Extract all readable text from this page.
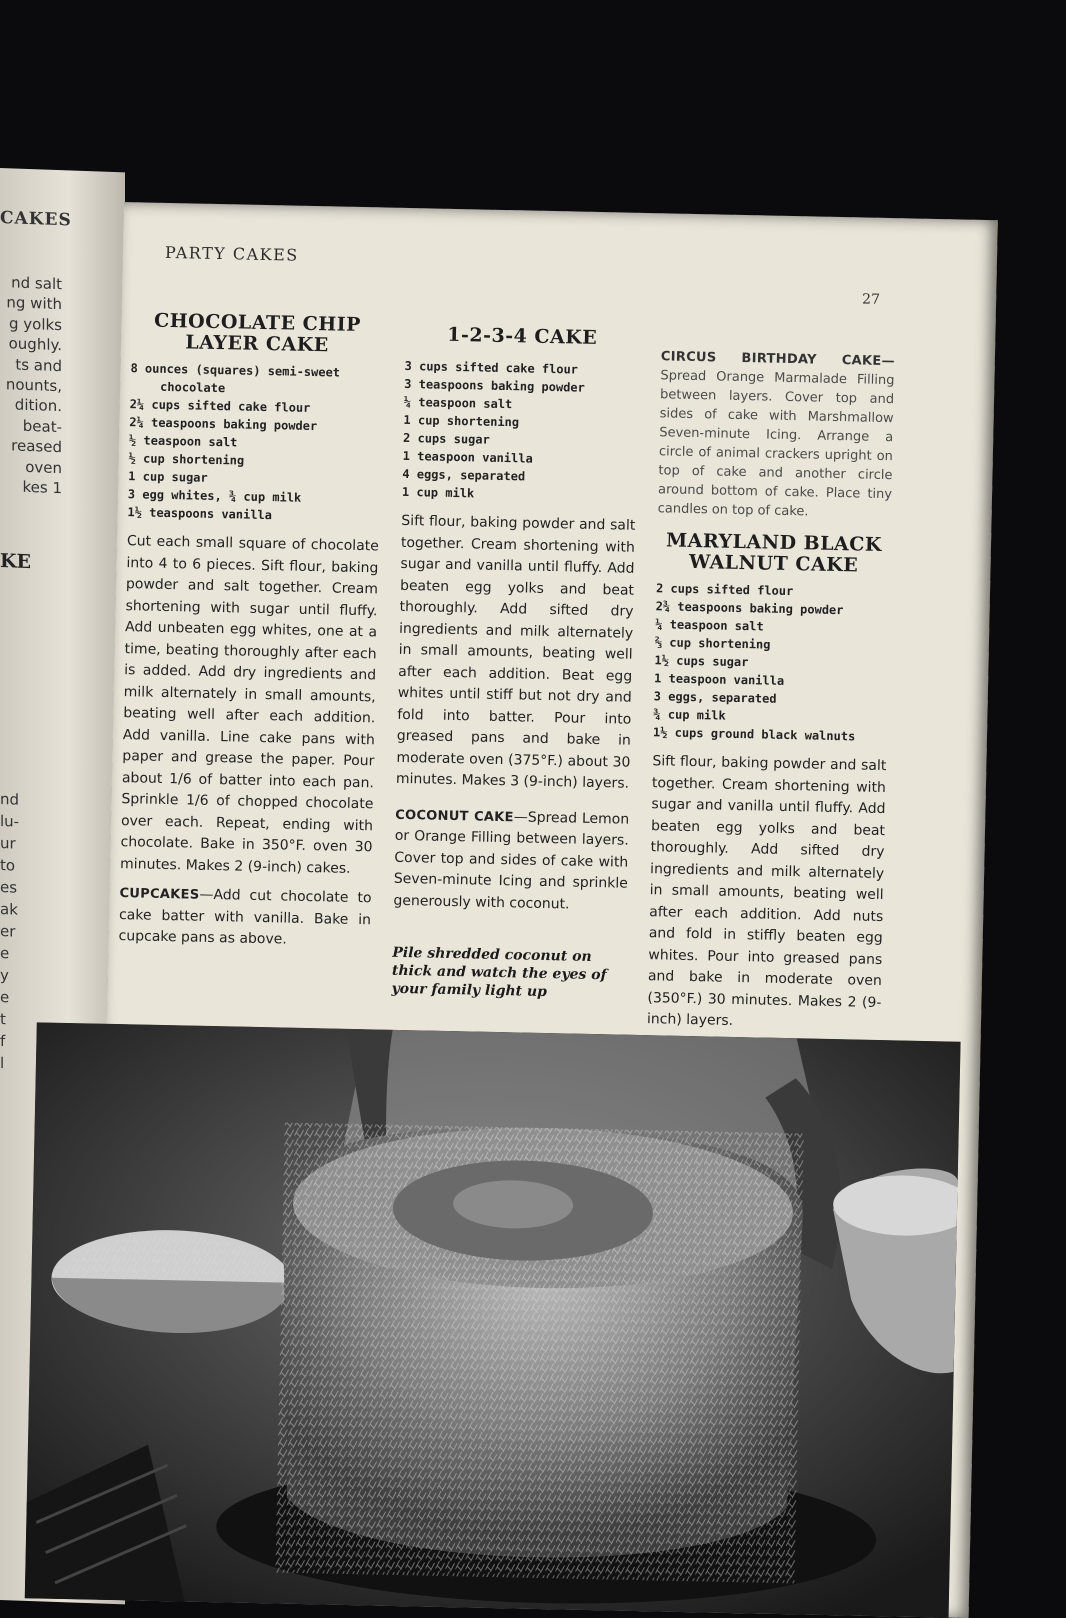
CAKES
nd salt
ng with
g yolks
oughly.
ts and
nounts,
dition.
beat-
reased
oven
kes 1
KE
nd
lu-
ur
to
es
ak
er
e
y
e
t
f
l
PARTY CAKES
27
CHOCOLATE CHIP LAYER CAKE
8 ounces (squares) semi-sweet
chocolate
2¼ cups sifted cake flour
2¼ teaspoons baking powder
½ teaspoon salt
½ cup shortening
1 cup sugar
3 egg whites, ¾ cup milk
1½ teaspoons vanilla

Cut each small square of chocolate into 4 to 6 pieces. Sift flour, baking powder and salt together. Cream shortening with sugar until fluffy. Add unbeaten egg whites, one at a time, beating thoroughly after each is added. Add dry ingredients and milk alternately in small amounts, beating well after each addition. Add vanilla. Line cake pans with paper and grease the paper. Pour about 1/6 of batter into each pan. Sprinkle 1/6 of chopped chocolate over each. Repeat, ending with chocolate. Bake in 350°F. oven 30 minutes. Makes 2 (9-inch) cakes.

CUPCAKES—Add cut chocolate to cake batter with vanilla. Bake in cupcake pans as above.

1-2-3-4 CAKE
3 cups sifted cake flour
3 teaspoons baking powder
¼ teaspoon salt
1 cup shortening
2 cups sugar
1 teaspoon vanilla
4 eggs, separated
1 cup milk

Sift flour, baking powder and salt together. Cream shortening with sugar and vanilla until fluffy. Add beaten egg yolks and beat thoroughly. Add sifted dry ingredients and milk alternately in small amounts, beating well after each addition. Beat egg whites until stiff but not dry and fold into batter. Pour into greased pans and bake in moderate oven (375°F.) about 30 minutes. Makes 3 (9-inch) layers.

COCONUT CAKE—Spread Lemon or Orange Filling between layers. Cover top and sides of cake with Seven-minute Icing and sprinkle generously with coconut.

Pile shredded coconut on thick and watch the eyes of your family light up

CIRCUS BIRTHDAY CAKE—Spread Orange Marmalade Filling between layers. Cover top and sides of cake with Marshmallow Seven-minute Icing. Arrange a circle of animal crackers upright on top of cake and another circle around bottom of cake. Place tiny candles on top of cake.

MARYLAND BLACK WALNUT CAKE
2 cups sifted flour
2¾ teaspoons baking powder
¼ teaspoon salt
⅔ cup shortening
1½ cups sugar
1 teaspoon vanilla
3 eggs, separated
¾ cup milk
1½ cups ground black walnuts

Sift flour, baking powder and salt together. Cream shortening with sugar and vanilla until fluffy. Add beaten egg yolks and beat thoroughly. Add sifted dry ingredients and milk alternately in small amounts, beating well after each addition. Add nuts and fold in stiffly beaten egg whites. Pour into greased pans and bake in moderate oven (350°F.) 30 minutes. Makes 2 (9-inch) layers.
